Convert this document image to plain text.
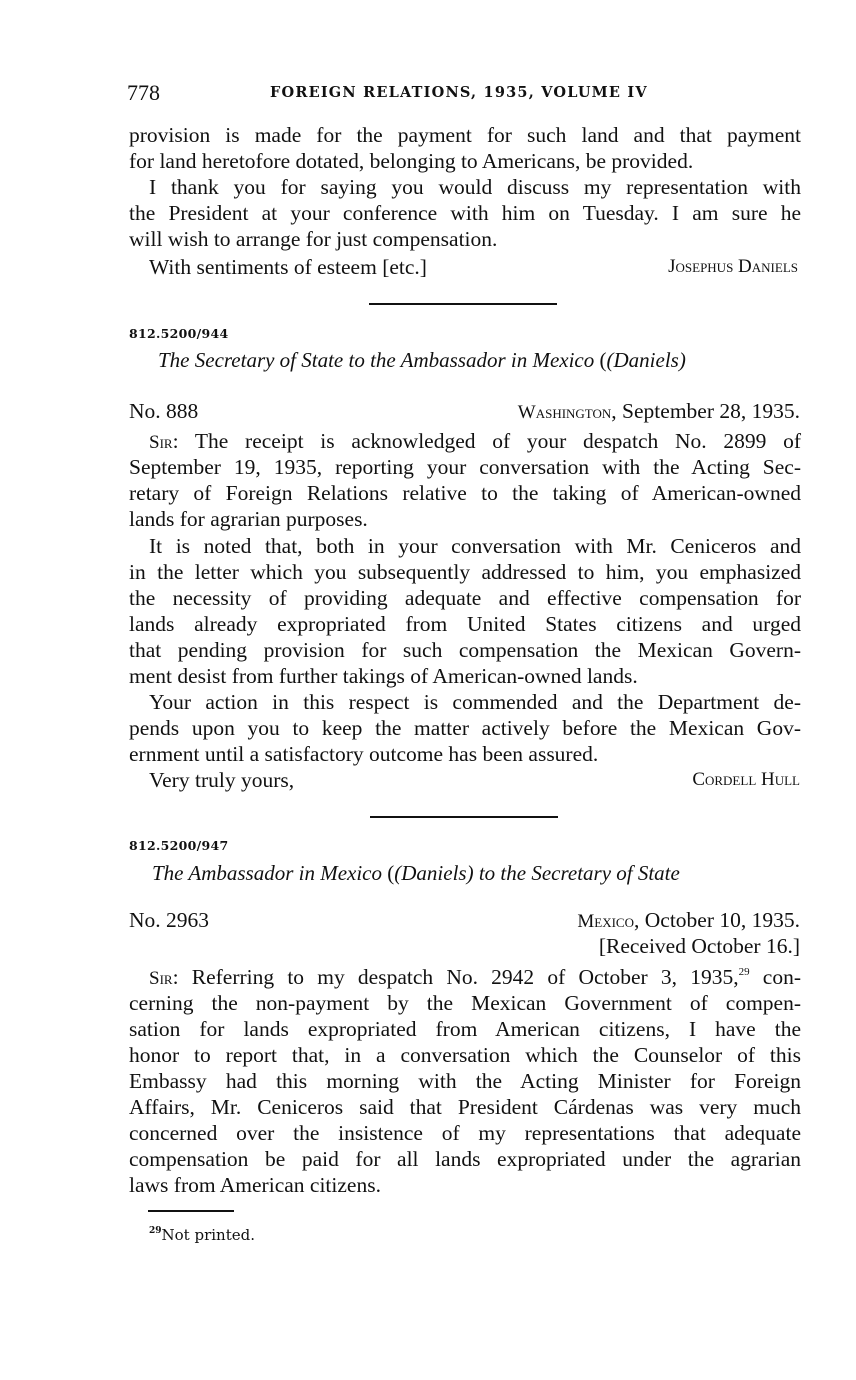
778	FOREIGN RELATIONS, 1935, VOLUME IV
provision is made for the payment for such land and that payment
for land heretofore dotated, belonging to Americans, be provided.
I thank you for saying you would discuss my representation with
the President at your conference with him on Tuesday. I am sure he
will wish to arrange for just compensation.
With sentiments of esteem [etc.]	Josephus Daniels
812.5200/944
The Secretary of State to the Ambassador in Mexico ((Daniels)
No. 888	Washington, September 28, 1935.
Sir: The receipt is acknowledged of your despatch No. 2899 of
September 19, 1935, reporting your conversation with the Acting Sec-
retary of Foreign Relations relative to the taking of American-owned
lands for agrarian purposes.
It is noted that, both in your conversation with Mr. Ceniceros and
in the letter which you subsequently addressed to him, you emphasized
the necessity of providing adequate and effective compensation for
lands already expropriated from United States citizens and urged
that pending provision for such compensation the Mexican Govern-
ment desist from further takings of American-owned lands.
Your action in this respect is commended and the Department de-
pends upon you to keep the matter actively before the Mexican Gov-
ernment until a satisfactory outcome has been assured.
Very truly yours,	Cordell Hull
812.5200/947
The Ambassador in Mexico ((Daniels) to the Secretary of State
No. 2963	Mexico, October 10, 1935.
[Received October 16.]
Sir: Referring to my despatch No. 2942 of October 3, 1935,29 con-
cerning the non-payment by the Mexican Government of compen-
sation for lands expropriated from American citizens, I have the
honor to report that, in a conversation which the Counselor of this
Embassy had this morning with the Acting Minister for Foreign
Affairs, Mr. Ceniceros said that President Cárdenas was very much
concerned over the insistence of my representations that adequate
compensation be paid for all lands expropriated under the agrarian
laws from American citizens.
$^{29}$Not printed.
